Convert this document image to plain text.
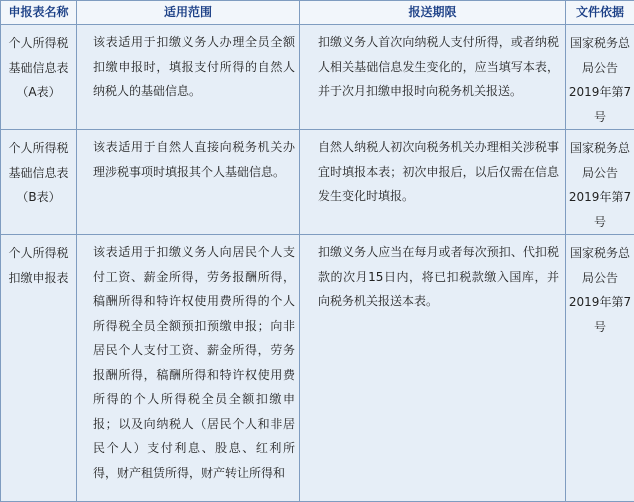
申报表名称	适用范围	报送期限	文件依据
个人所得税基础信息表（A表）	该表适用于扣缴义务人办理全员全额扣缴申报时，填报支付所得的自然人纳税人的基础信息。	扣缴义务人首次向纳税人支付所得，或者纳税人相关基础信息发生变化的，应当填写本表，并于次月扣缴申报时向税务机关报送。	国家税务总局公告2019年第7号
个人所得税基础信息表（B表）	该表适用于自然人直接向税务机关办理涉税事项时填报其个人基础信息。	自然人纳税人初次向税务机关办理相关涉税事宜时填报本表；初次申报后，以后仅需在信息发生变化时填报。	国家税务总局公告2019年第7号
个人所得税扣缴申报表	该表适用于扣缴义务人向居民个人支付工资、薪金所得，劳务报酬所得，稿酬所得和特许权使用费所得的个人所得税全员全额预扣预缴申报；向非居民个人支付工资、薪金所得，劳务报酬所得，稿酬所得和特许权使用费所得的个人所得税全员全额扣缴申报；以及向纳税人（居民个人和非居民个人）支付利息、股息、红利所得，财产租赁所得，财产转让所得和	扣缴义务人应当在每月或者每次预扣、代扣税款的次月15日内，将已扣税款缴入国库，并向税务机关报送本表。	国家税务总局公告2019年第7号
